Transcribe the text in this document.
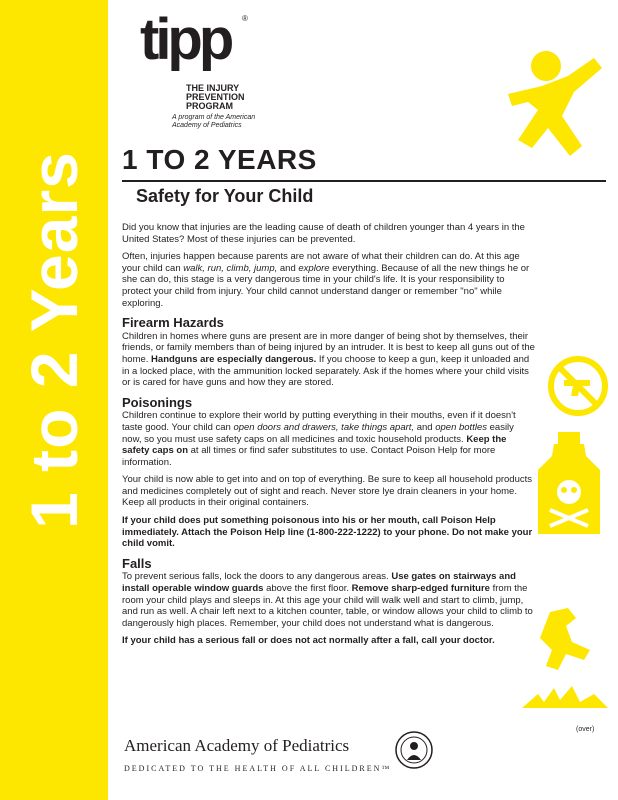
1 to 2 Years
tipp ®
THE INJURY PREVENTION PROGRAM
A program of the American Academy of Pediatrics
1 TO 2 YEARS
Safety for Your Child

Did you know that injuries are the leading cause of death of children younger than 4 years in the United States? Most of these injuries can be prevented.

Often, injuries happen because parents are not aware of what their children can do. At this age your child can walk, run, climb, jump, and explore everything. Because of all the new things he or she can do, this stage is a very dangerous time in your child's life. It is your responsibility to protect your child from injury. Your child cannot understand danger or remember "no" while exploring.

Firearm Hazards

Children in homes where guns are present are in more danger of being shot by themselves, their friends, or family members than of being injured by an intruder. It is best to keep all guns out of the home. Handguns are especially dangerous. If you choose to keep a gun, keep it unloaded and in a locked place, with the ammunition locked separately. Ask if the homes where your child visits or is cared for have guns and how they are stored.

Poisonings

Children continue to explore their world by putting everything in their mouths, even if it doesn't taste good. Your child can open doors and drawers, take things apart, and open bottles easily now, so you must use safety caps on all medicines and toxic household products. Keep the safety caps on at all times or find safer substitutes to use. Contact Poison Help for more information.

Your child is now able to get into and on top of everything. Be sure to keep all household products and medicines completely out of sight and reach. Never store lye drain cleaners in your home. Keep all products in their original containers.

If your child does put something poisonous into his or her mouth, call Poison Help immediately. Attach the Poison Help line (1-800-222-1222) to your phone. Do not make your child vomit.

Falls

To prevent serious falls, lock the doors to any dangerous areas. Use gates on stairways and install operable window guards above the first floor. Remove sharp-edged furniture from the room your child plays and sleeps in. At this age your child will walk well and start to climb, jump, and run as well. A chair left next to a kitchen counter, table, or window allows your child to climb to dangerously high places. Remember, your child does not understand what is dangerous.

If your child has a serious fall or does not act normally after a fall, call your doctor.

(over)
American Academy of Pediatrics
DEDICATED TO THE HEALTH OF ALL CHILDREN™
